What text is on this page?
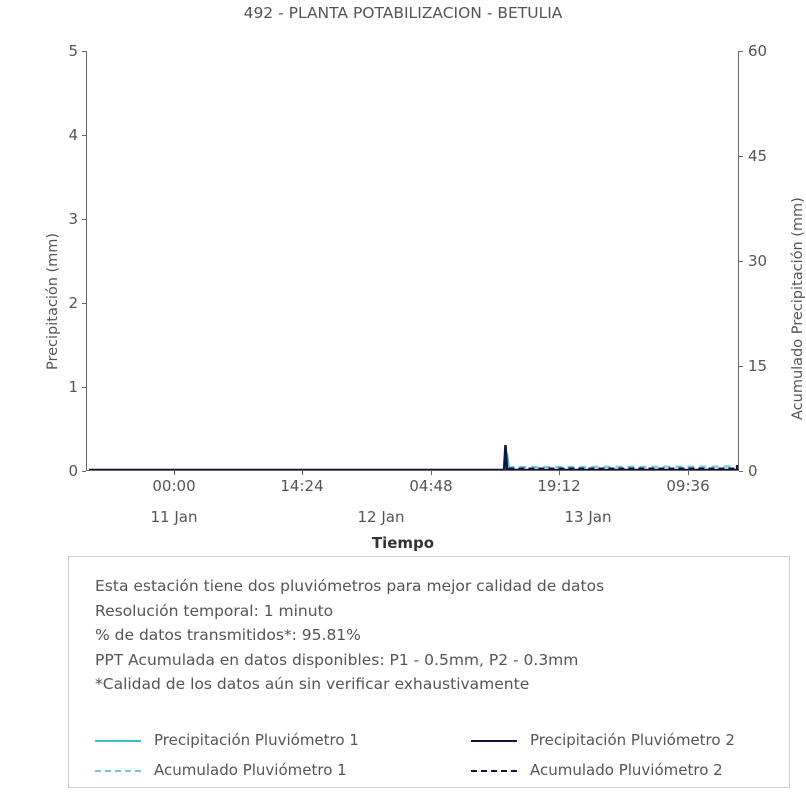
492 - PLANTA POTABILIZACION - BETULIA
Precipitación (mm)	Acumulado Precipitación (mm)
Tiempo
0
1
2
3
4
5
0
15
30
45
60
00:00	14:24	04:48	19:12	09:36
11 Jan	12 Jan	13 Jan
Esta estación tiene dos pluviómetros para mejor calidad de datos
Resolución temporal: 1 minuto
% de datos transmitidos*: 95.81%
PPT Acumulada en datos disponibles: P1 - 0.5mm, P2 - 0.3mm
*Calidad de los datos aún sin verificar exhaustivamente
Precipitación Pluviómetro 1	Precipitación Pluviómetro 2
Acumulado Pluviómetro 1	Acumulado Pluviómetro 2
